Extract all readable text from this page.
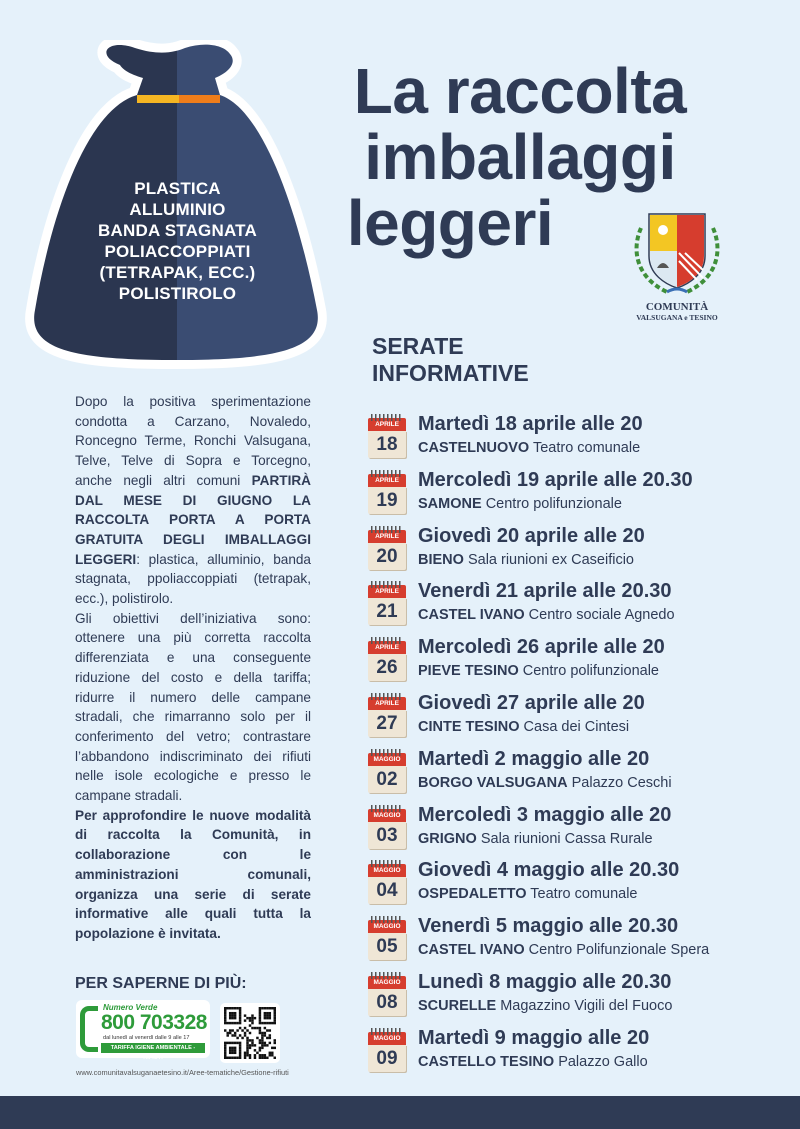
PLASTICA
ALLUMINIO
BANDA STAGNATA
POLIACCOPPIATI
(TETRAPAK, ECC.)
POLISTIROLO
La raccolta
imballaggi
leggeri
COMUNITÀ
VALSUGANA e TESINO
SERATE
INFORMATIVE
APRILE
18
Martedì 18 aprile alle 20
CASTELNUOVO Teatro comunale
APRILE
19
Mercoledì 19 aprile alle 20.30
SAMONE Centro polifunzionale
APRILE
20
Giovedì 20 aprile alle 20
BIENO Sala riunioni ex Caseificio
APRILE
21
Venerdì 21 aprile alle 20.30
CASTEL IVANO Centro sociale Agnedo
APRILE
26
Mercoledì 26 aprile alle 20
PIEVE TESINO Centro polifunzionale
APRILE
27
Giovedì 27 aprile alle 20
CINTE TESINO Casa dei Cintesi
MAGGIO
02
Martedì 2 maggio alle 20
BORGO VALSUGANA Palazzo Ceschi
MAGGIO
03
Mercoledì 3 maggio alle 20
GRIGNO Sala riunioni Cassa Rurale
MAGGIO
04
Giovedì 4 maggio alle 20.30
OSPEDALETTO Teatro comunale
MAGGIO
05
Venerdì 5 maggio alle 20.30
CASTEL IVANO Centro Polifunzionale Spera
MAGGIO
08
Lunedì 8 maggio alle 20.30
SCURELLE Magazzino Vigili del Fuoco
MAGGIO
09
Martedì 9 maggio alle 20
CASTELLO TESINO Palazzo Gallo

Dopo la positiva sperimentazione condotta a Carzano, Novaledo, Roncegno Terme, Ronchi Valsugana, Telve, Telve di Sopra e Torcegno, anche negli altri comuni PARTIRÀ DAL MESE DI GIUGNO LA RACCOLTA PORTA A PORTA GRATUITA DEGLI IMBALLAGGI LEGGERI: plastica, alluminio, banda stagnata, ppoliaccoppiati (tetrapak, ecc.), polistirolo.

Gli obiettivi dell’iniziativa sono: ottenere una più corretta raccolta differenziata e una conseguente riduzione del costo e della tariffa; ridurre il numero delle campane stradali, che rimarranno solo per il conferimento del vetro; contrastare l’abbandono indiscriminato dei rifiuti nelle isole ecologiche e presso le campane stradali.

Per approfondire le nuove modalità di raccolta la Comunità, in collaborazione con le amministrazioni comunali, organizza una serie di serate informative alle quali tutta la popolazione è invitata.

PER SAPERNE DI PIÙ:
Numero Verde
800 703328
dal lunedì al venerdì dalle 9 alle 17
TARIFFA IGIENE AMBIENTALE - RIFIUTI
www.comunitavalsuganaetesino.it/Aree-tematiche/Gestione-rifiuti
